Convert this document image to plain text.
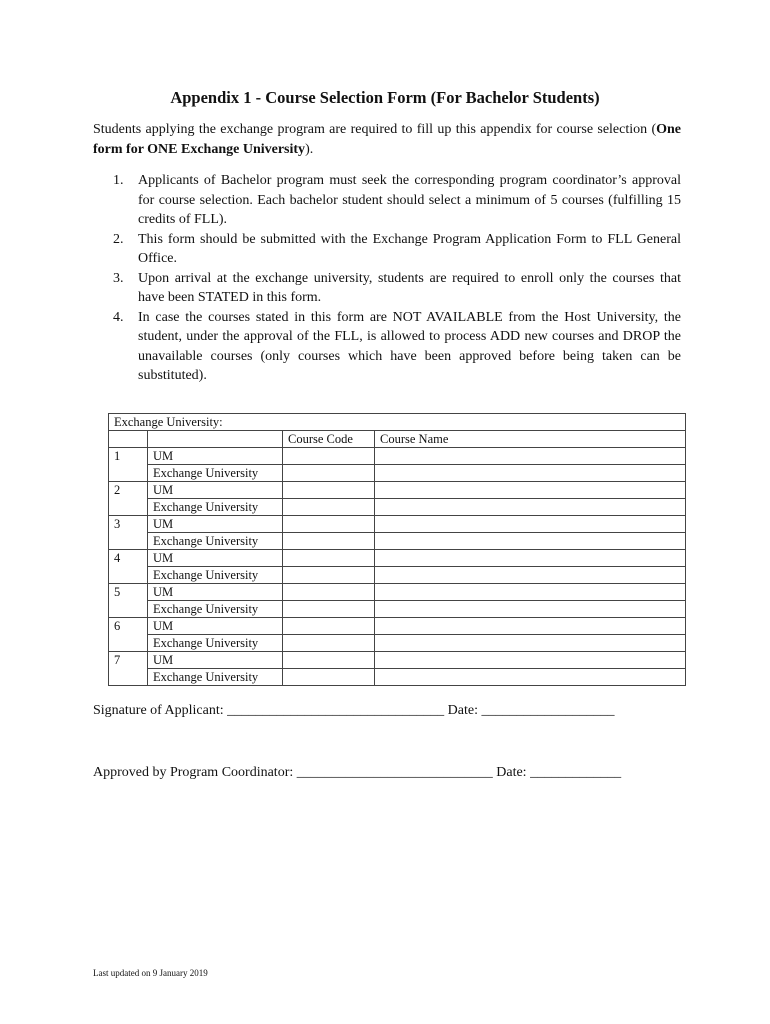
Appendix 1 - Course Selection Form (For Bachelor Students)
Students applying the exchange program are required to fill up this appendix for course selection (One form for ONE Exchange University).
1. Applicants of Bachelor program must seek the corresponding program coordinator’s approval for course selection. Each bachelor student should select a minimum of 5 courses (fulfilling 15 credits of FLL).
2. This form should be submitted with the Exchange Program Application Form to FLL General Office.
3. Upon arrival at the exchange university, students are required to enroll only the courses that have been STATED in this form.
4. In case the courses stated in this form are NOT AVAILABLE from the Host University, the student, under the approval of the FLL, is allowed to process ADD new courses and DROP the unavailable courses (only courses which have been approved before being taken can be substituted).
Exchange University:			
		Course Code	Course Name
1	UM		
	Exchange University		
2	UM		
	Exchange University		
3	UM		
	Exchange University		
4	UM		
	Exchange University		
5	UM		
	Exchange University		
6	UM		
	Exchange University		
7	UM		
	Exchange University		
Signature of Applicant: _______________________________ Date: ___________________
Approved by Program Coordinator: ____________________________ Date: _____________
Last updated on 9 January 2019
